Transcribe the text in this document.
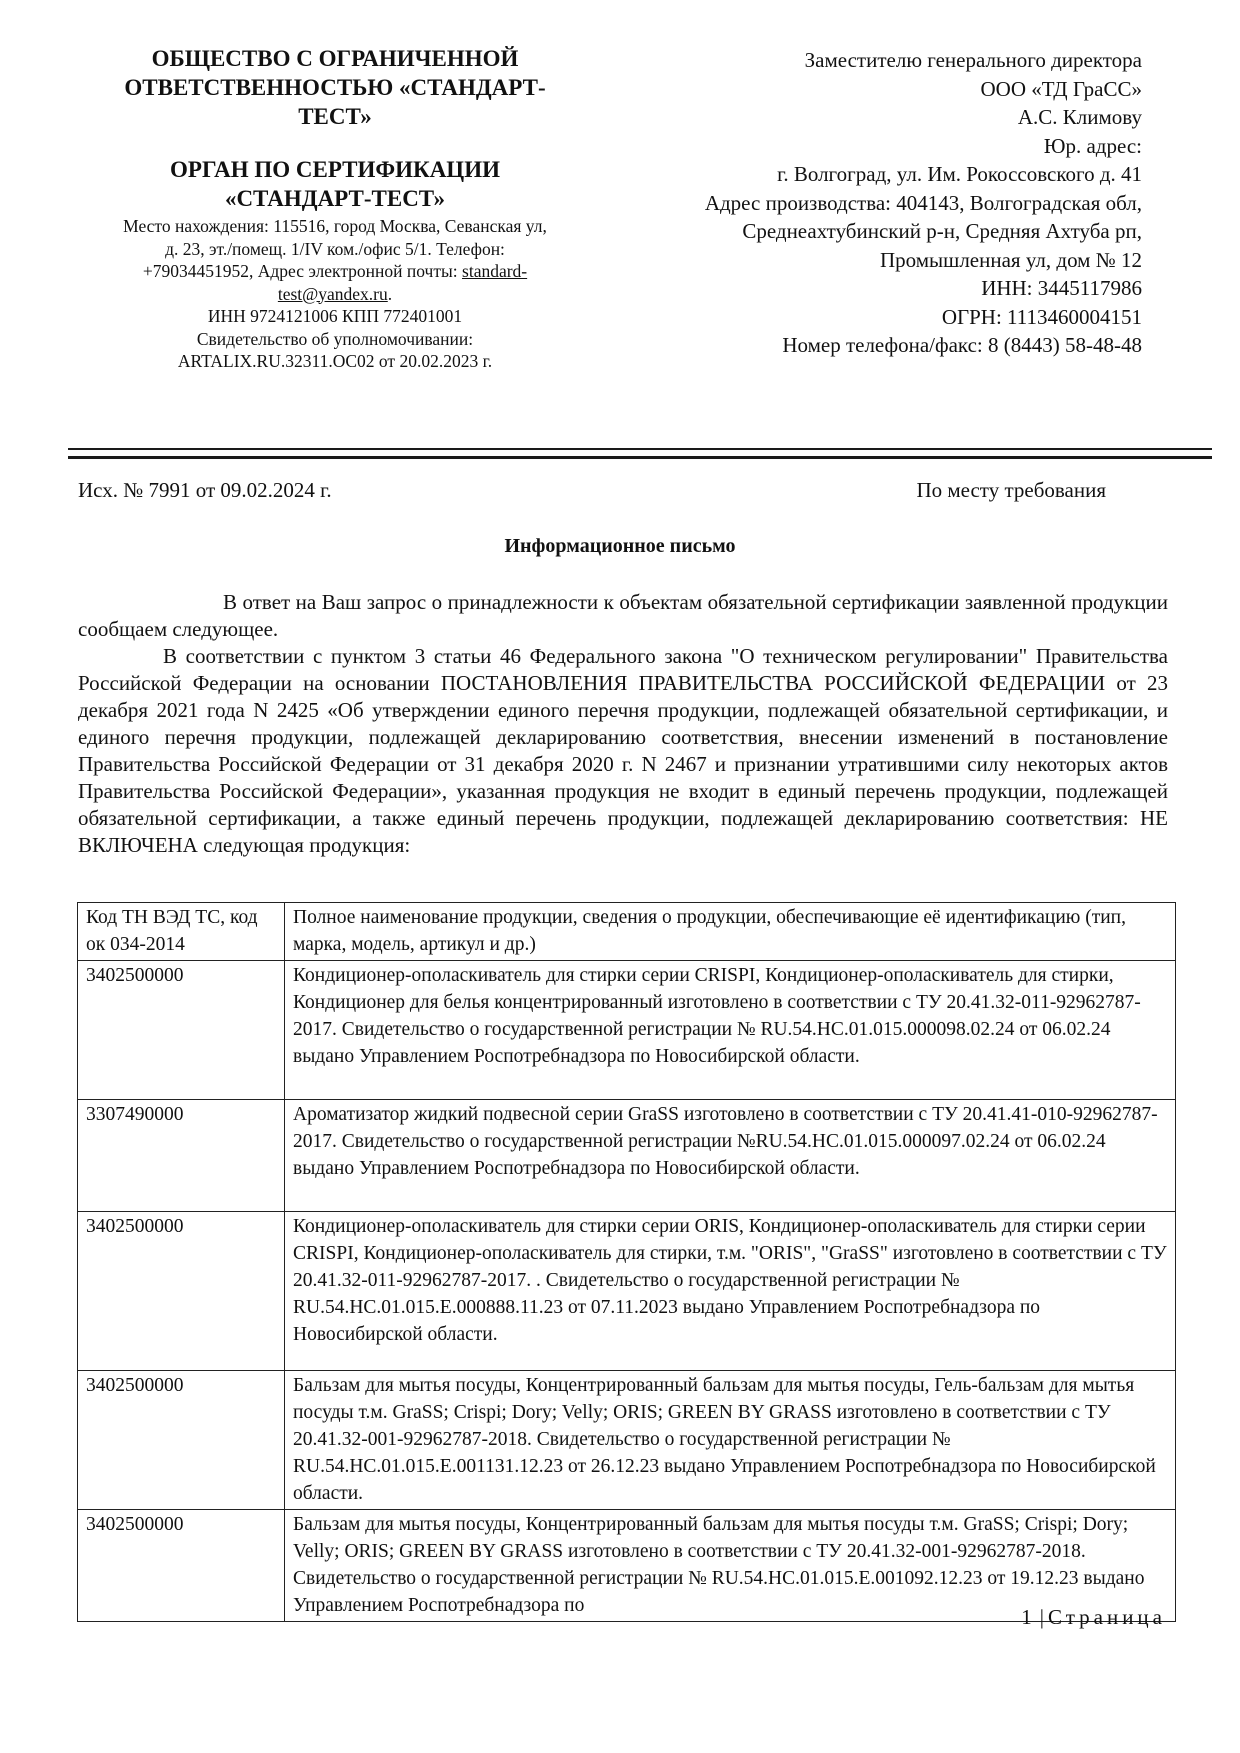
ОБЩЕСТВО С ОГРАНИЧЕННОЙ
ОТВЕТСТВЕННОСТЬЮ «СТАНДАРТ-
ТЕСТ»

ОРГАН ПО СЕРТИФИКАЦИИ
«СТАНДАРТ-ТЕСТ»

Место нахождения: 115516, город Москва, Севанская ул,
д. 23, эт./помещ. 1/IV ком./офис 5/1. Телефон:
+79034451952, Адрес электронной почты: standard-
test@yandex.ru.
ИНН 9724121006 КПП 772401001
Свидетельство об уполномочивании:
ARTALIX.RU.32311.OC02 от 20.02.2023 г.
Заместителю генерального директора
ООО «ТД ГраСС»
А.С. Климову
Юр. адрес:
г. Волгоград, ул. Им. Рокоссовского д. 41
Адрес производства: 404143, Волгоградская обл,
Среднеахтубинский р-н, Средняя Ахтуба рп,
Промышленная ул, дом № 12
ИНН: 3445117986
ОГРН: 1113460004151
Номер телефона/факс: 8 (8443) 58-48-48
Исх. № 7991 от 09.02.2024 г.	По месту требования
Информационное письмо

В ответ на Ваш запрос о принадлежности к объектам обязательной сертификации заявленной продукции сообщаем следующее.

В соответствии с пунктом 3 статьи 46 Федерального закона "О техническом регулировании" Правительства Российской Федерации на основании ПОСТАНОВЛЕНИЯ ПРАВИТЕЛЬСТВА РОССИЙСКОЙ ФЕДЕРАЦИИ от 23 декабря 2021 года N 2425 «Об утверждении единого перечня продукции, подлежащей обязательной сертификации, и единого перечня продукции, подлежащей декларированию соответствия, внесении изменений в постановление Правительства Российской Федерации от 31 декабря 2020 г. N 2467 и признании утратившими силу некоторых актов Правительства Российской Федерации», указанная продукция не входит в единый перечень продукции, подлежащей обязательной сертификации, а также единый перечень продукции, подлежащей декларированию соответствия: НЕ ВКЛЮЧЕНА следующая продукция:

Код ТН ВЭД ТС, код ок 034-2014	Полное наименование продукции, сведения о продукции, обеспечивающие её идентификацию (тип, марка, модель, артикул и др.)
3402500000	Кондиционер-ополаскиватель для стирки серии CRISPI, Кондиционер-ополаскиватель для стирки, Кондиционер для белья концентрированный изготовлено в соответствии с ТУ 20.41.32-011-92962787-2017. Свидетельство о государственной регистрации № RU.54.НС.01.015.000098.02.24 от 06.02.24 выдано Управлением Роспотребнадзора по Новосибирской области.
3307490000	Ароматизатор жидкий подвесной серии GraSS изготовлено в соответствии с ТУ 20.41.41-010-92962787-2017. Свидетельство о государственной регистрации №RU.54.НС.01.015.000097.02.24 от 06.02.24 выдано Управлением Роспотребнадзора по Новосибирской области.
3402500000	Кондиционер-ополаскиватель для стирки серии ORIS, Кондиционер-ополаскиватель для стирки серии CRISPI, Кондиционер-ополаскиватель для стирки, т.м. "ORIS", "GraSS" изготовлено в соответствии с ТУ 20.41.32-011-92962787-2017. . Свидетельство о государственной регистрации № RU.54.НС.01.015.Е.000888.11.23 от 07.11.2023 выдано Управлением Роспотребнадзора по Новосибирской области.
3402500000	Бальзам для мытья посуды, Концентрированный бальзам для мытья посуды, Гель-бальзам для мытья посуды т.м. GraSS; Crispi; Dory; Velly; ORIS; GREEN BY GRASS изготовлено в соответствии с ТУ 20.41.32-001-92962787-2018. Свидетельство о государственной регистрации № RU.54.НС.01.015.Е.001131.12.23 от 26.12.23 выдано Управлением Роспотребнадзора по Новосибирской области.
3402500000	Бальзам для мытья посуды, Концентрированный бальзам для мытья посуды т.м. GraSS; Crispi; Dory; Velly; ORIS; GREEN BY GRASS изготовлено в соответствии с ТУ 20.41.32-001-92962787-2018. Свидетельство о государственной регистрации № RU.54.НС.01.015.Е.001092.12.23 от 19.12.23 выдано Управлением Роспотребнадзора по	1 | Страница
